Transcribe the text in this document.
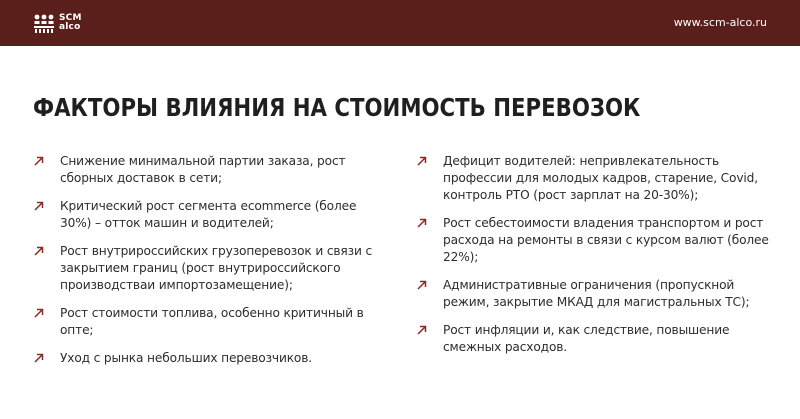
SCM
alco	www.scm-alco.ru
ФАКТОРЫ ВЛИЯНИЯ НА СТОИМОСТЬ ПЕРЕВОЗОК
Снижение минимальной партии заказа, рост сборных доставок в сети;
Критический рост сегмента ecommerce (более 30%) – отток машин и водителей;
Рост внутрироссийских грузоперевозок и связи с закрытием границ (рост внутрироссийского производстваи импортозамещение);
Рост стоимости топлива, особенно критичный в опте;
Уход с рынка небольших перевозчиков.
Дефицит водителей: непривлекательность профессии для молодых кадров, старение, Covid, контроль РТО (рост зарплат на 20-30%);
Рост себестоимости владения транспортом и рост расхода на ремонты в связи с курсом валют (более 22%);
Административные ограничения (пропускной режим, закрытие МКАД для магистральных ТС);
Рост инфляции и, как следствие, повышение смежных расходов.
